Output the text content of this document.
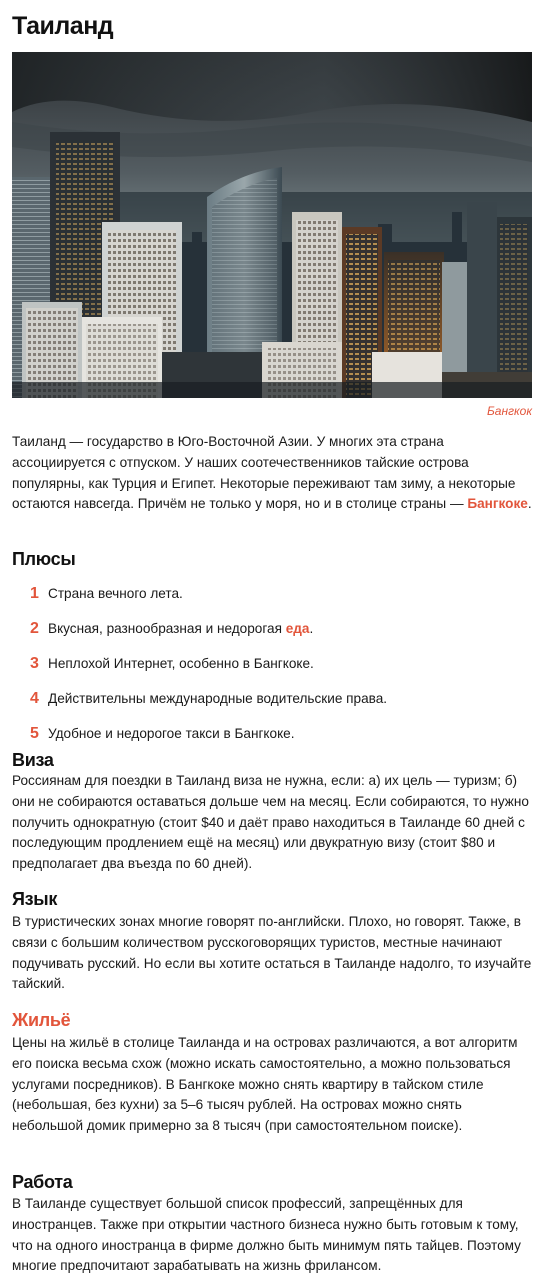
Таиланд
Бангкок

Таиланд — государство в Юго-Восточной Азии. У многих эта страна ассоциируется с отпуском. У наших соотечественников тайские острова популярны, как Турция и Египет. Некоторые переживают там зиму, а некоторые остаются навсегда. Причём не только у моря, но и в столице страны — Бангкоке.

Плюсы
1 Страна вечного лета.
2 Вкусная, разнообразная и недорогая еда.
3 Неплохой Интернет, особенно в Бангкоке.
4 Действительны международные водительские права.
5 Удобное и недорогое такси в Бангкоке.
Виза

Россиянам для поездки в Таиланд виза не нужна, если: а) их цель — туризм; б) они не собираются оставаться дольше чем на месяц. Если собираются, то нужно получить однократную (стоит $40 и даёт право находиться в Таиланде 60 дней с последующим продлением ещё на месяц) или двукратную визу (стоит $80 и предполагает два въезда по 60 дней).

Язык

В туристических зонах многие говорят по-английски. Плохо, но говорят. Также, в связи с большим количеством русскоговорящих туристов, местные начинают подучивать русский. Но если вы хотите остаться в Таиланде надолго, то изучайте тайский.

Жильё

Цены на жильё в столице Таиланда и на островах различаются, а вот алгоритм его поиска весьма схож (можно искать самостоятельно, а можно пользоваться услугами посредников). В Бангкоке можно снять квартиру в тайском стиле (небольшая, без кухни) за 5–6 тысяч рублей. На островах можно снять небольшой домик примерно за 8 тысяч (при самостоятельном поиске).

Работа

В Таиланде существует большой список профессий, запрещённых для иностранцев. Также при открытии частного бизнеса нужно быть готовым к тому, что на одного иностранца в фирме должно быть минимум пять тайцев. Поэтому многие предпочитают зарабатывать на жизнь фрилансом.
